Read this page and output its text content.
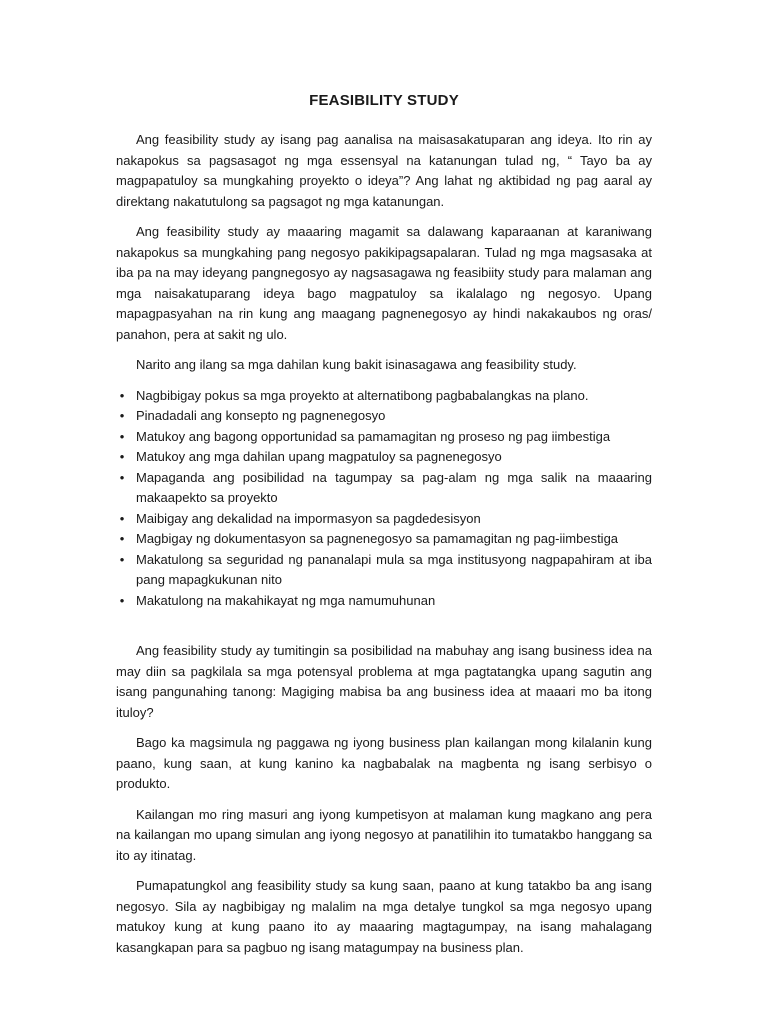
FEASIBILITY STUDY

Ang feasibility study ay isang pag aanalisa na maisasakatuparan ang ideya. Ito rin ay nakapokus sa pagsasagot ng mga essensyal na katanungan tulad ng, “ Tayo ba ay magpapatuloy sa mungkahing proyekto o ideya”? Ang lahat ng aktibidad ng pag aaral ay direktang nakatutulong sa pagsagot ng mga katanungan.

Ang feasibility study ay maaaring magamit sa dalawang kaparaanan at karaniwang nakapokus sa mungkahing pang negosyo pakikipagsapalaran. Tulad ng mga magsasaka at iba pa na may ideyang pangnegosyo ay nagsasagawa ng feasibiity study para malaman ang mga naisakatuparang ideya bago magpatuloy sa ikalalago ng negosyo. Upang mapagpasyahan na rin kung ang maagang pagnenegosyo ay hindi nakakaubos ng oras/ panahon, pera at sakit ng ulo.

Narito ang ilang sa mga dahilan kung bakit isinasagawa ang feasibility study.

• Nagbibigay pokus sa mga proyekto at alternatibong pagbabalangkas na plano.
• Pinadadali ang konsepto ng pagnenegosyo
• Matukoy ang bagong opportunidad sa pamamagitan ng proseso ng pag iimbestiga
• Matukoy ang mga dahilan upang magpatuloy sa pagnenegosyo
• Mapaganda ang posibilidad na tagumpay sa pag-alam ng mga salik na maaaring makaapekto sa proyekto
• Maibigay ang dekalidad na impormasyon sa pagdedesisyon
• Magbigay ng dokumentasyon sa pagnenegosyo sa pamamagitan ng pag-iimbestiga
• Makatulong sa seguridad ng pananalapi mula sa mga institusyong nagpapahiram at iba pang mapagkukunan nito
• Makatulong na makahikayat ng mga namumuhunan

Ang feasibility study ay tumitingin sa posibilidad na mabuhay ang isang business idea na may diin sa pagkilala sa mga potensyal problema at mga pagtatangka upang sagutin ang isang pangunahing tanong: Magiging mabisa ba ang business idea at maaari mo ba itong ituloy?

Bago ka magsimula ng paggawa ng iyong business plan kailangan mong kilalanin kung paano, kung saan, at kung kanino ka nagbabalak na magbenta ng isang serbisyo o produkto.

Kailangan mo ring masuri ang iyong kumpetisyon at malaman kung magkano ang pera na kailangan mo upang simulan ang iyong negosyo at panatilihin ito tumatakbo hanggang sa ito ay itinatag.

Pumapatungkol ang feasibility study sa kung saan, paano at kung tatakbo ba ang isang negosyo. Sila ay nagbibigay ng malalim na mga detalye tungkol sa mga negosyo upang matukoy kung at kung paano ito ay maaaring magtagumpay, na isang mahalagang kasangkapan para sa pagbuo ng isang matagumpay na business plan.
